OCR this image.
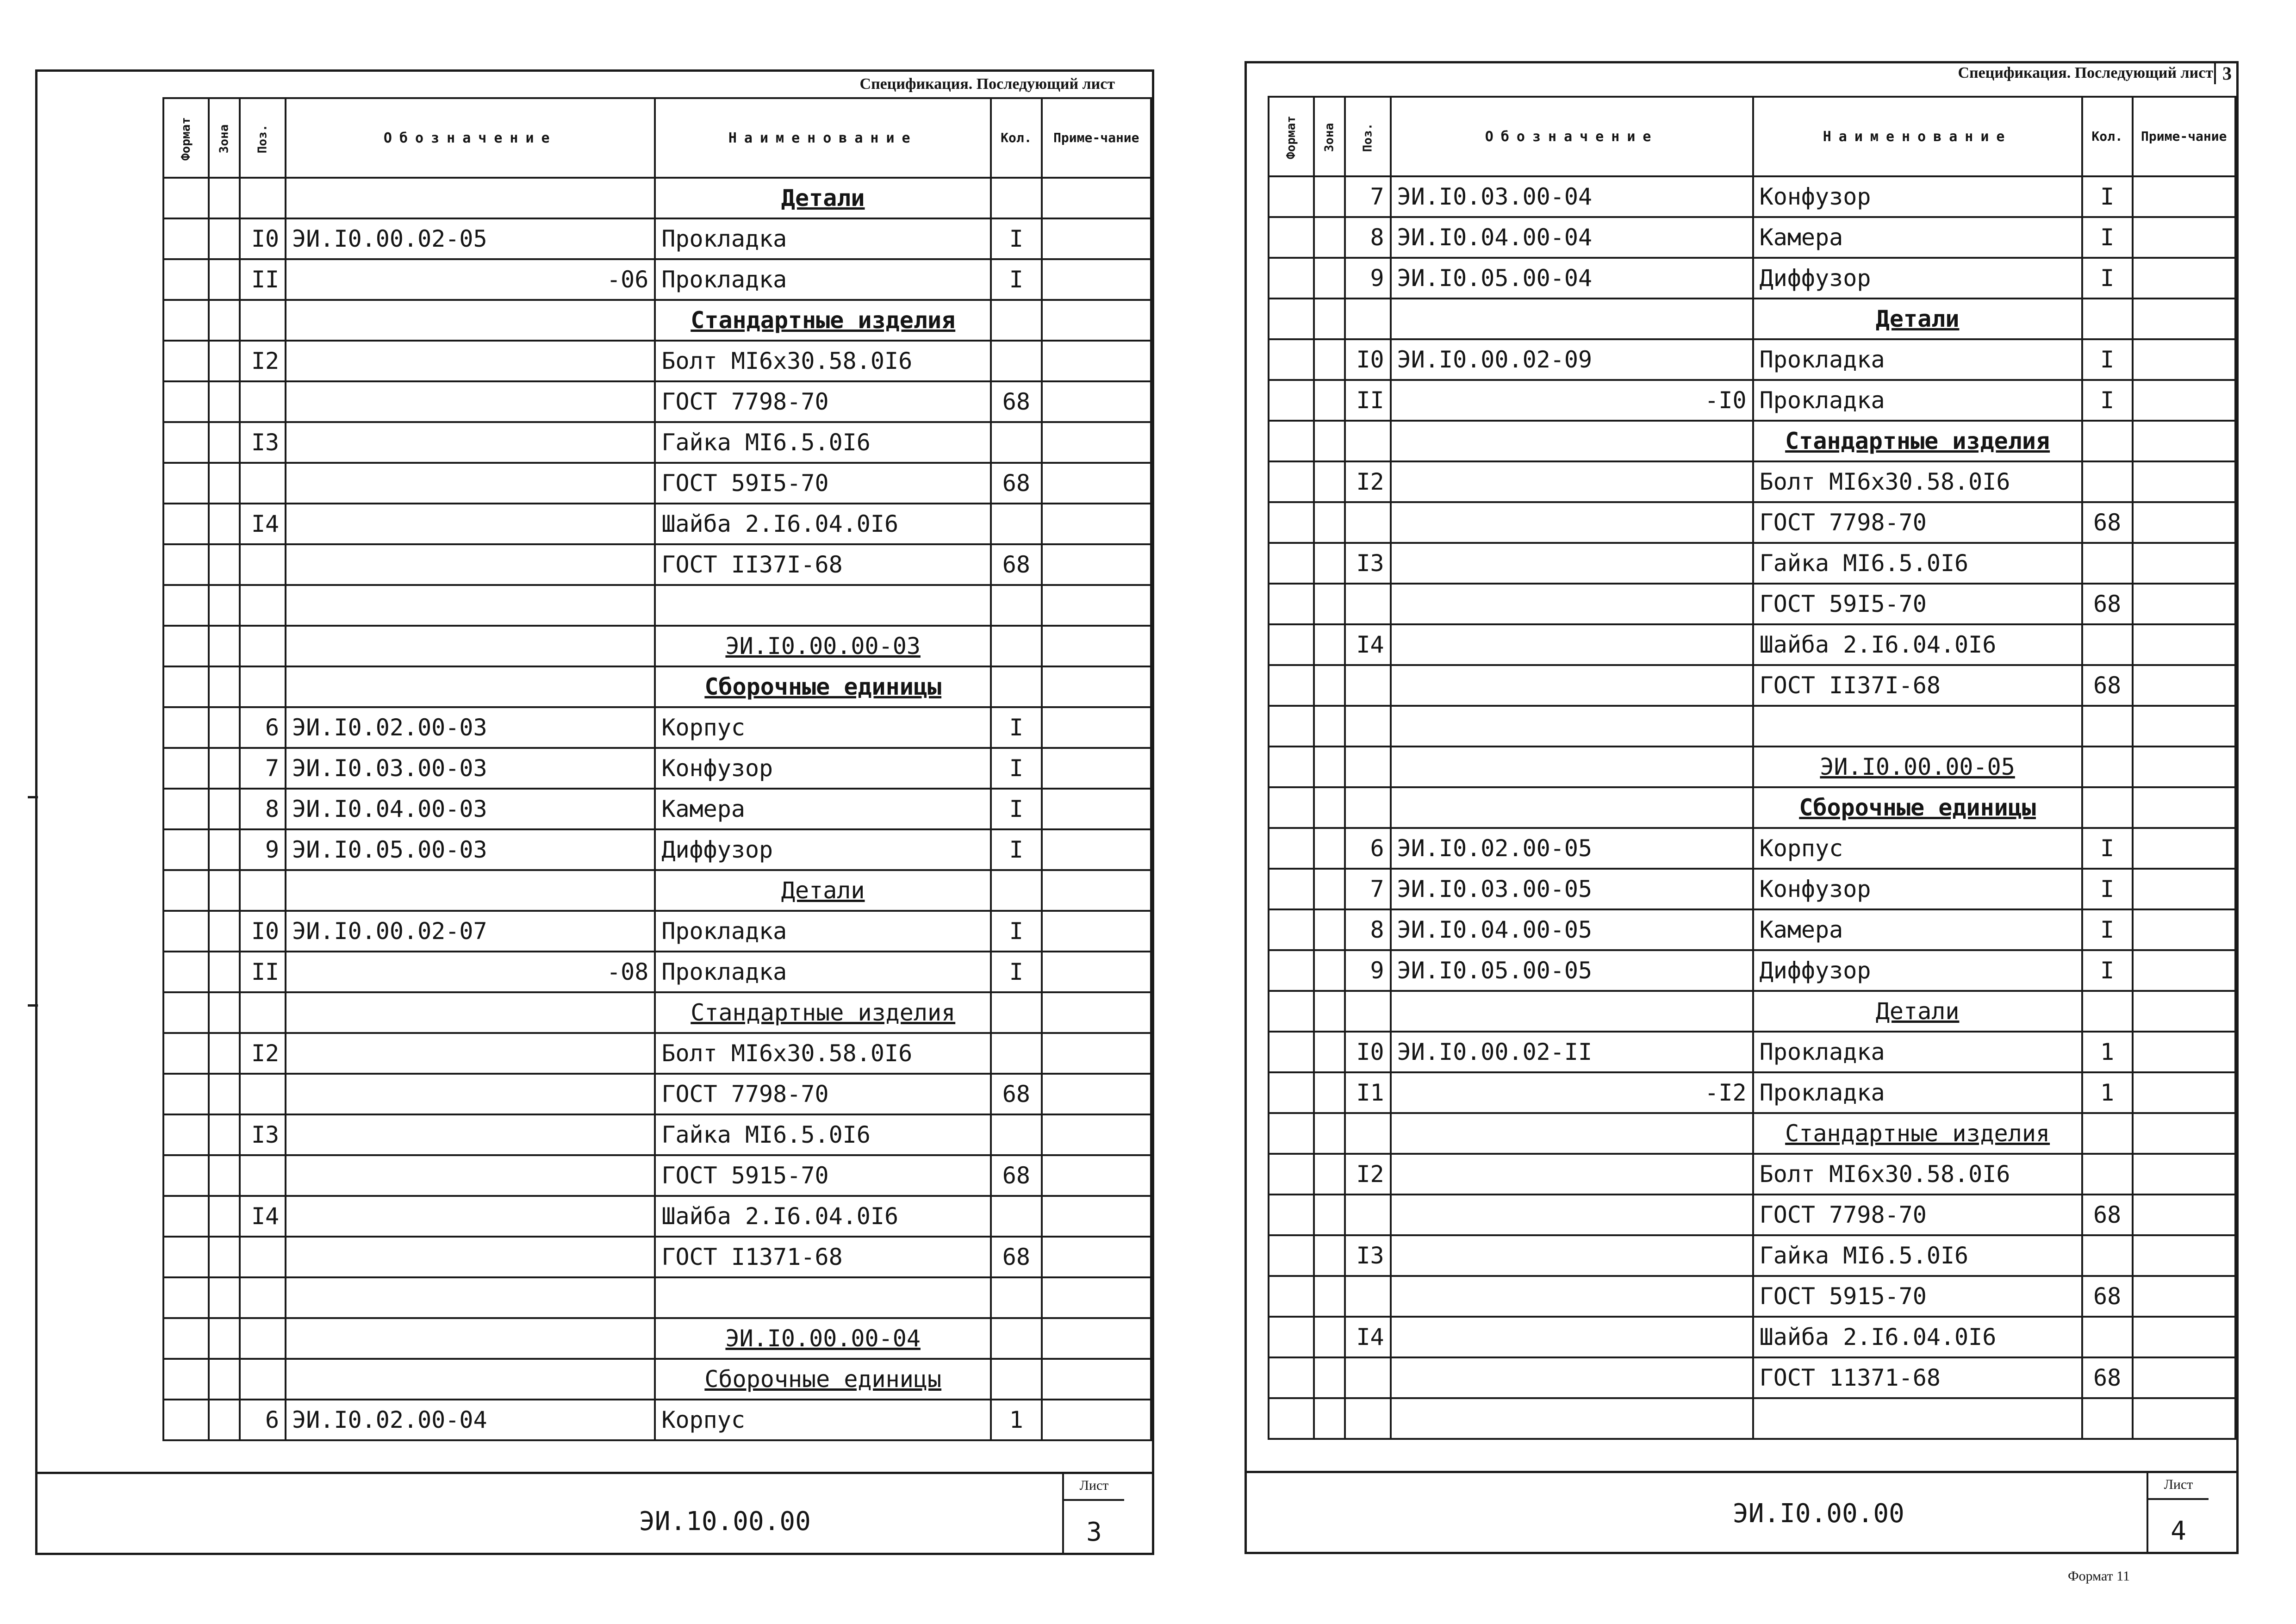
Спецификация. Последующий лист
Формат	Зона	Поз.	Обозначение	Наименование	Кол.	Приме-чание
				Детали		
		I0	ЭИ.I0.00.02-05	Прокладка	I	
		II	-06	Прокладка	I	
				Стандартные изделия		
		I2		Болт MI6х30.58.0I6		
				ГОСТ 7798-70	68	
		I3		Гайка MI6.5.0I6		
				ГОСТ 59I5-70	68	
		I4		Шайба 2.I6.04.0I6		
				ГОСТ II37I-68	68	

				ЭИ.I0.00.00-03		
				Сборочные единицы		
		6	ЭИ.I0.02.00-03	Корпус	I	
		7	ЭИ.I0.03.00-03	Конфузор	I	
		8	ЭИ.I0.04.00-03	Камера	I	
		9	ЭИ.I0.05.00-03	Диффузор	I	
				Детали		
		I0	ЭИ.I0.00.02-07	Прокладка	I	
		II	-08	Прокладка	I	
				Стандартные изделия		
		I2		Болт MI6х30.58.0I6		
				ГОСТ 7798-70	68	
		I3		Гайка MI6.5.0I6		
				ГОСТ 5915-70	68	
		I4		Шайба 2.I6.04.0I6		
				ГОСТ I1371-68	68	

				ЭИ.I0.00.00-04		
				Сборочные единицы		
		6	ЭИ.I0.02.00-04	Корпус	1	
ЭИ.10.00.00
Лист
3
Спецификация. Последующий лист 3
Формат	Зона	Поз.	Обозначение	Наименование	Кол.	Приме-чание
		7	ЭИ.I0.03.00-04	Конфузор	I	
		8	ЭИ.I0.04.00-04	Камера	I	
		9	ЭИ.I0.05.00-04	Диффузор	I	
				Детали		
		I0	ЭИ.I0.00.02-09	Прокладка	I	
		II	-I0	Прокладка	I	
				Стандартные изделия		
		I2		Болт MI6х30.58.0I6		
				ГОСТ 7798-70	68	
		I3		Гайка MI6.5.0I6		
				ГОСТ 59I5-70	68	
		I4		Шайба 2.I6.04.0I6		
				ГОСТ II37I-68	68	

				ЭИ.I0.00.00-05		
				Сборочные единицы		
		6	ЭИ.I0.02.00-05	Корпус	I	
		7	ЭИ.I0.03.00-05	Конфузор	I	
		8	ЭИ.I0.04.00-05	Камера	I	
		9	ЭИ.I0.05.00-05	Диффузор	I	
				Детали		
		I0	ЭИ.I0.00.02-II	Прокладка	1	
		I1	-I2	Прокладка	1	
				Стандартные изделия		
		I2		Болт MI6х30.58.0I6		
				ГОСТ 7798-70	68	
		I3		Гайка MI6.5.0I6		
				ГОСТ 5915-70	68	
		I4		Шайба 2.I6.04.0I6		
				ГОСТ 11371-68	68	

ЭИ.I0.00.00
Лист
4
Формат 11
